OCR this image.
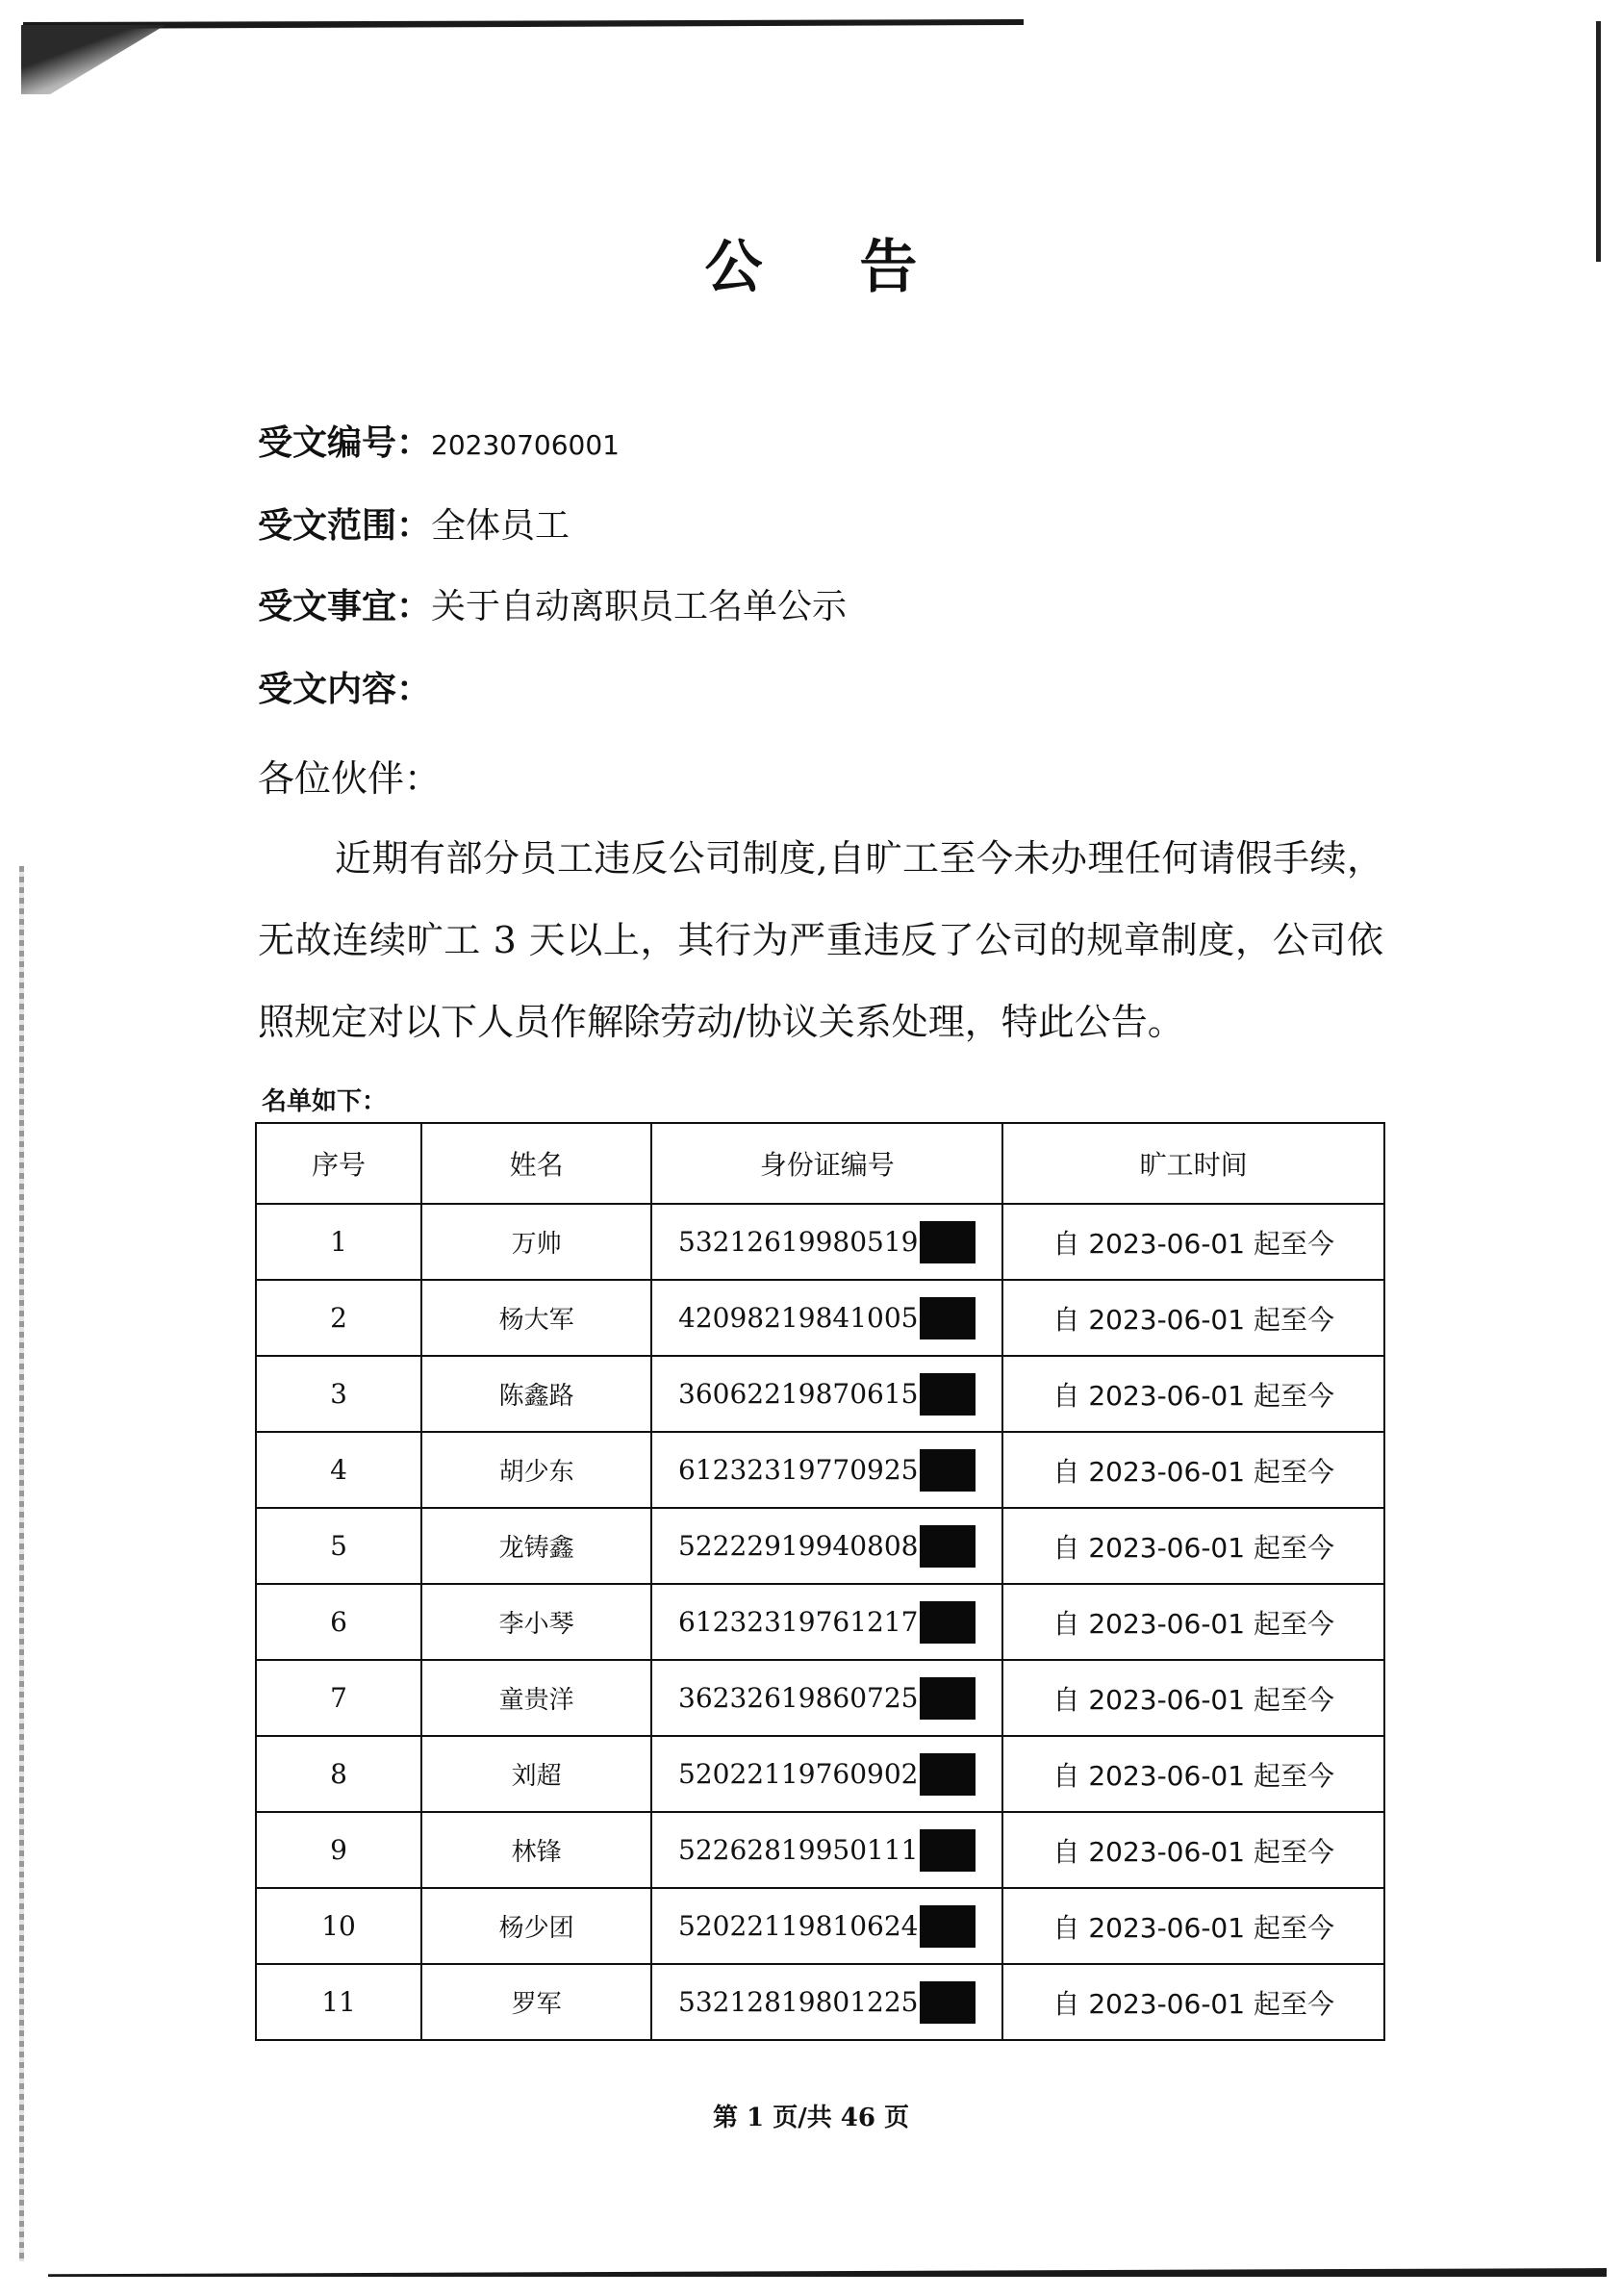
公 告
受文编号：20230706001
受文范围：全体员工
受文事宜：关于自动离职员工名单公示
受文内容：
各位伙伴：
近期有部分员工违反公司制度,自旷工至今未办理任何请假手续，无故连续旷工 3 天以上，其行为严重违反了公司的规章制度，公司依照规定对以下人员作解除劳动/协议关系处理，特此公告。
名单如下：
序号	姓名	身份证编号	旷工时间
1	万帅	53212619980519	自 2023-06-01 起至今
2	杨大军	42098219841005	自 2023-06-01 起至今
3	陈鑫路	36062219870615	自 2023-06-01 起至今
4	胡少东	61232319770925	自 2023-06-01 起至今
5	龙铸鑫	52222919940808	自 2023-06-01 起至今
6	李小琴	61232319761217	自 2023-06-01 起至今
7	童贵洋	36232619860725	自 2023-06-01 起至今
8	刘超	52022119760902	自 2023-06-01 起至今
9	林锋	52262819950111	自 2023-06-01 起至今
10	杨少团	52022119810624	自 2023-06-01 起至今
11	罗军	53212819801225	自 2023-06-01 起至今
第 1 页/共 46 页
